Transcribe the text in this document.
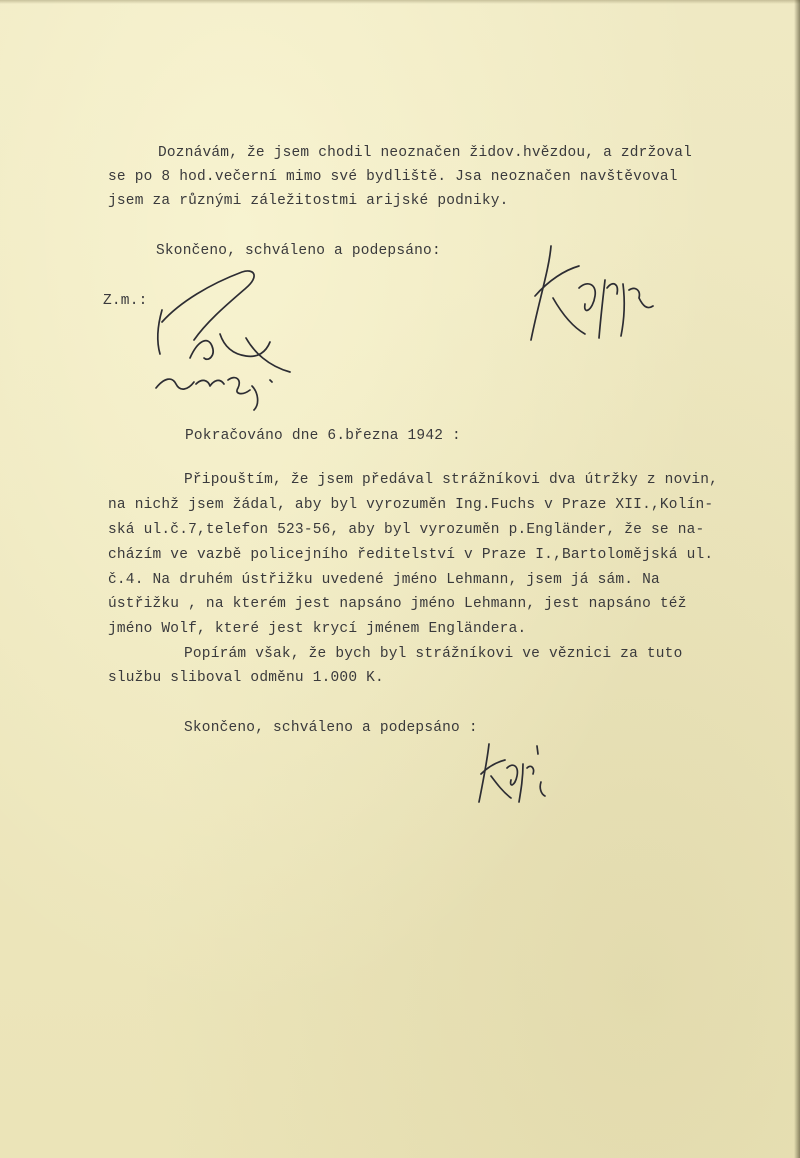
Doznávám, že jsem chodil neoznačen židov.hvězdou, a zdržoval
se po 8 hod.večerní mimo své bydliště. Jsa neoznačen navštěvoval
jsem za různými záležitostmi arijské podniky.
Skončeno, schváleno a podepsáno:
Z.m.:
Pokračováno dne 6.března 1942 :
Připouštím, že jsem předával strážníkovi dva útržky z novin,
na nichž jsem žádal, aby byl vyrozuměn Ing.Fuchs v Praze XII.,Kolín-
ská ul.č.7,telefon 523-56, aby byl vyrozuměn p.Engländer, že se na-
cházím ve vazbě policejního ředitelství v Praze I.,Bartolomějská ul.
č.4. Na druhém ústřižku uvedené jméno Lehmann, jsem já sám. Na
ústřižku , na kterém jest napsáno jméno Lehmann, jest napsáno též
jméno Wolf, které jest krycí jménem Engländera.
Popírám však, že bych byl strážníkovi ve věznici za tuto
službu sliboval odměnu 1.000 K.
Skončeno, schváleno a podepsáno :
